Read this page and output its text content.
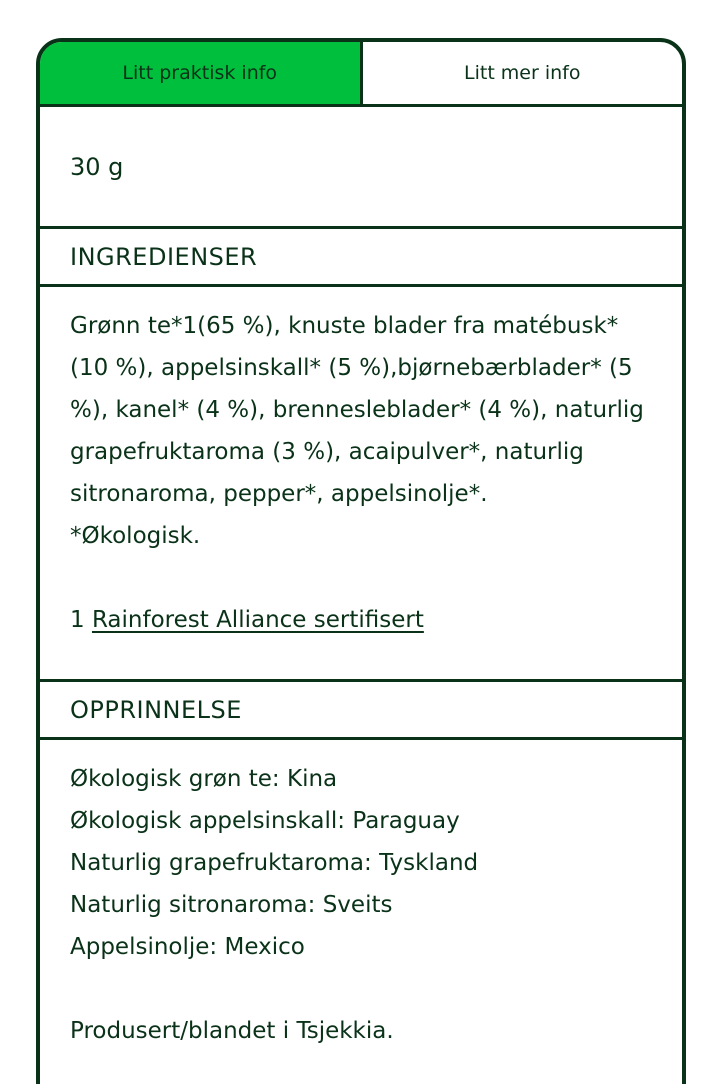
Litt praktisk info	Litt mer info
30 g
INGREDIENSER
Grønn te*1(65 %), knuste blader fra matébusk* (10 %), appelsinskall* (5 %),bjørnebærblader* (5 %), kanel* (4 %), brenneslеblader* (4 %), naturlig grapefruktaroma (3 %), acaipulver*, naturlig sitronaroma, pepper*, appelsinolje*.
*Økologisk.
1 Rainforest Alliance sertifisert
OPPRINNELSE
Økologisk grøn te: Kina
Økologisk appelsinskall: Paraguay
Naturlig grapefruktaroma: Tyskland
Naturlig sitronaroma: Sveits
Appelsinolje: Mexico
Produsert/blandet i Tsjekkia.
